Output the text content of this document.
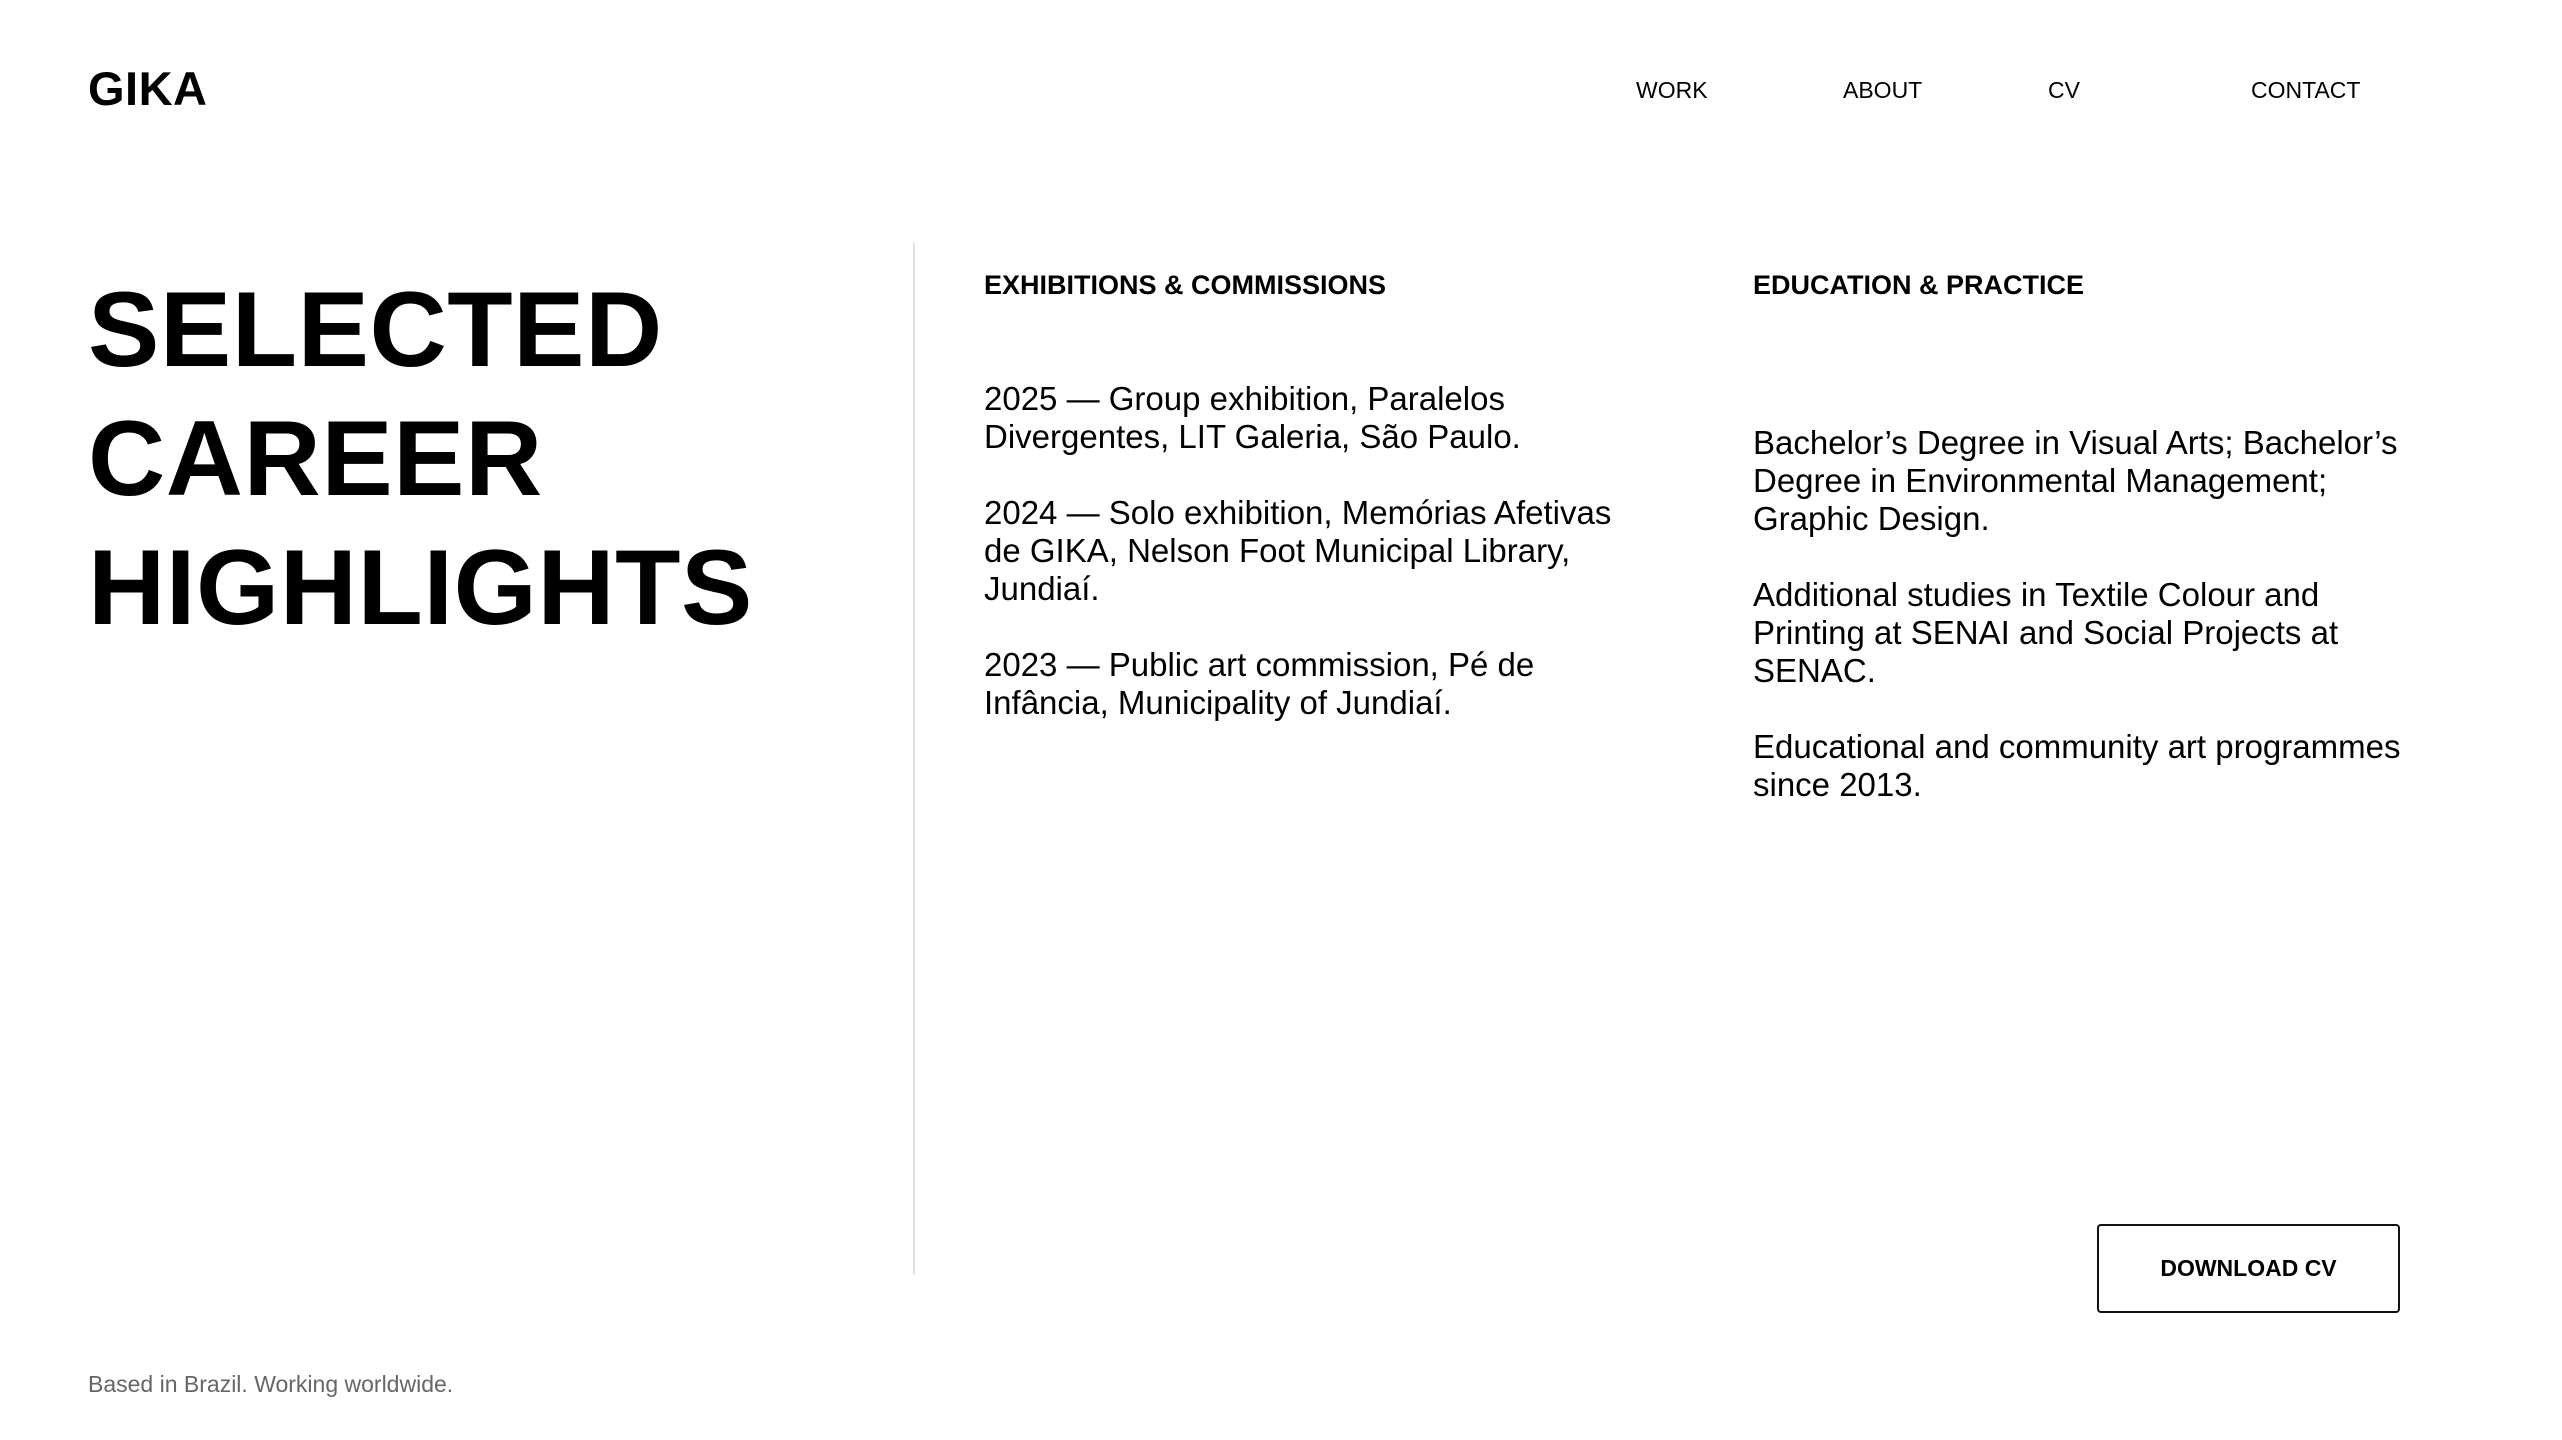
GIKA	WORK	ABOUT	CV	CONTACT
SELECTED
CAREER
HIGHLIGHTS
EXHIBITIONS & COMMISSIONS

2025 — Group exhibition, Paralelos Divergentes, LIT Galeria, São Paulo.

2024 — Solo exhibition, Memórias Afetivas de GIKA, Nelson Foot Municipal Library, Jundiaí.

2023 — Public art commission, Pé de Infância, Municipality of Jundiaí.

EDUCATION & PRACTICE

Bachelor’s Degree in Visual Arts; Bachelor’s Degree in Environmental Management; Graphic Design.

Additional studies in Textile Colour and Printing at SENAI and Social Projects at SENAC.

Educational and community art programmes since 2013.

DOWNLOAD CV
Based in Brazil. Working worldwide.
